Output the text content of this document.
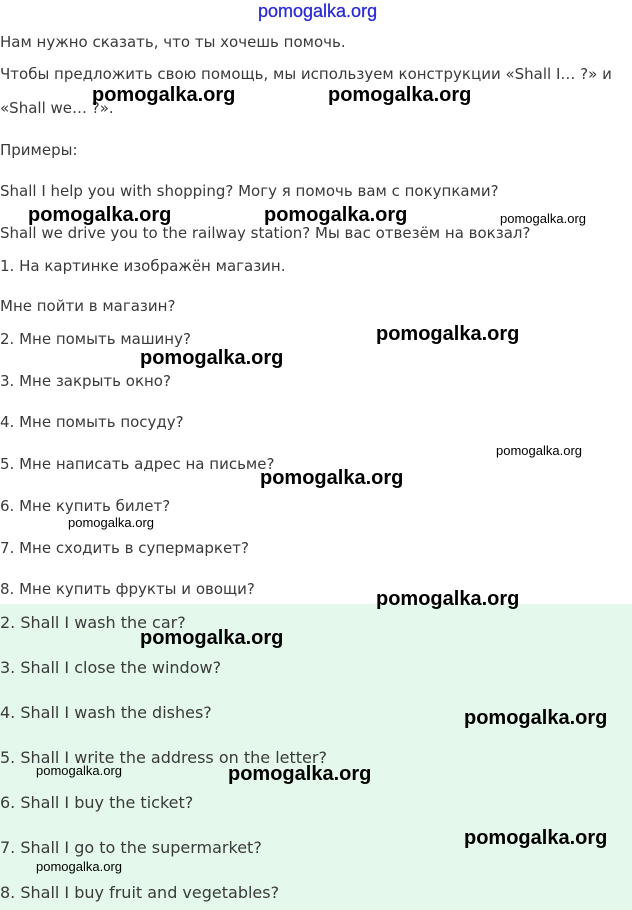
pomogalka.org
Нам нужно сказать, что ты хочешь помочь.
Чтобы предложить свою помощь, мы используем конструкции «Shall I… ?» и
«Shall we… ?».
Примеры:
Shall I help you with shopping? Могу я помочь вам с покупками?
Shall we drive you to the railway station? Мы вас отвезём на вокзал?
1. На картинке изображён магазин.
Мне пойти в магазин?
2. Мне помыть машину?
3. Мне закрыть окно?
4. Мне помыть посуду?
5. Мне написать адрес на письме?
6. Мне купить билет?
7. Мне сходить в супермаркет?
8. Мне купить фрукты и овощи?
2. Shall I wash the car?
3. Shall I close the window?
4. Shall I wash the dishes?
5. Shall I write the address on the letter?
6. Shall I buy the ticket?
7. Shall I go to the supermarket?
8. Shall I buy fruit and vegetables?
pomogalka.org	pomogalka.org
pomogalka.org	pomogalka.org	pomogalka.org
pomogalka.org
pomogalka.org
pomogalka.org
pomogalka.org
pomogalka.org
pomogalka.org
pomogalka.org
pomogalka.org
pomogalka.org	pomogalka.org
pomogalka.org
pomogalka.org
